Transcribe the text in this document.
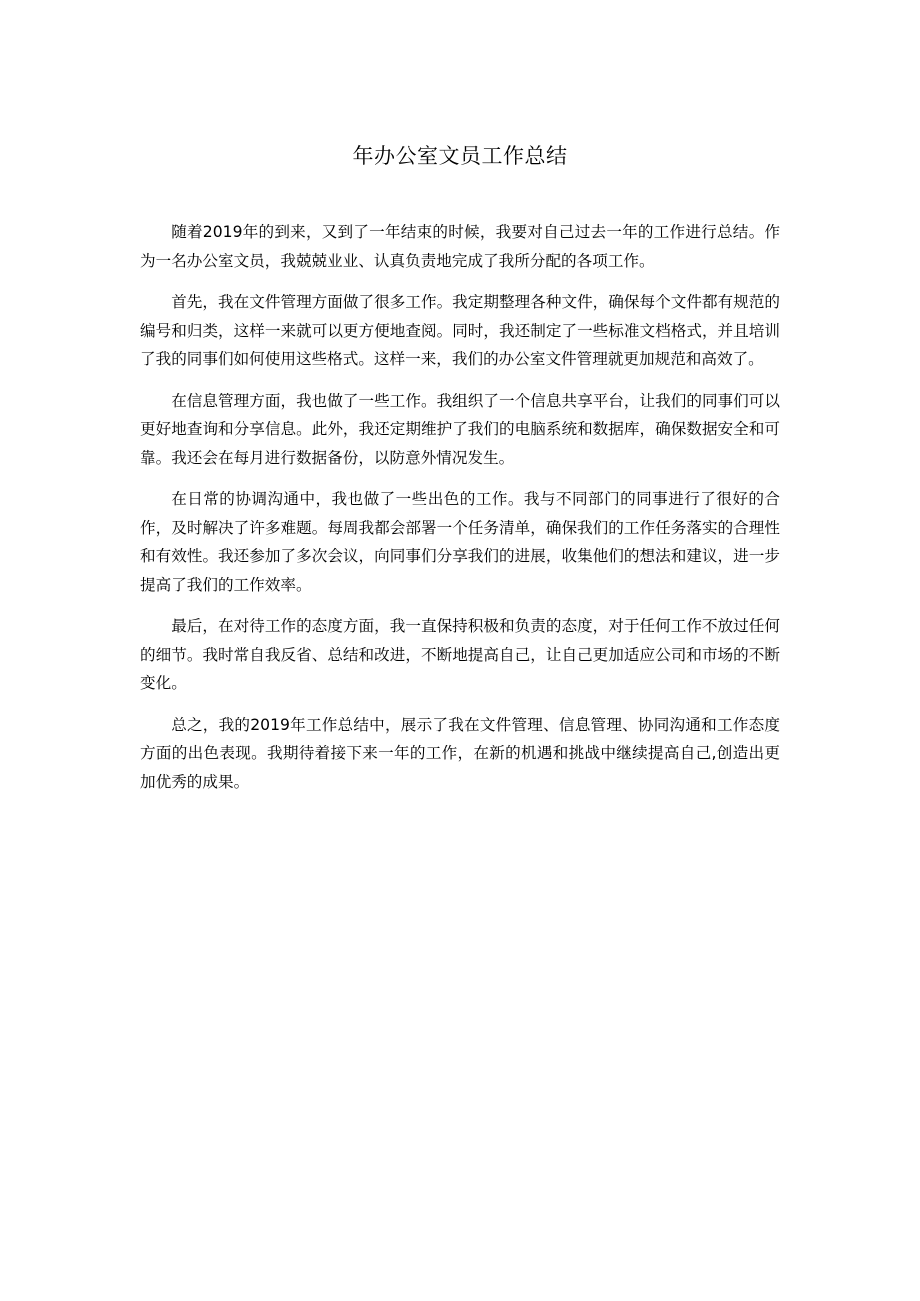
年办公室文员工作总结

随着2019年的到来，又到了一年结束的时候，我要对自己过去一年的工作进行总结。作为一名办公室文员，我兢兢业业、认真负责地完成了我所分配的各项工作。

首先，我在文件管理方面做了很多工作。我定期整理各种文件，确保每个文件都有规范的编号和归类，这样一来就可以更方便地查阅。同时，我还制定了一些标准文档格式，并且培训了我的同事们如何使用这些格式。这样一来，我们的办公室文件管理就更加规范和高效了。

在信息管理方面，我也做了一些工作。我组织了一个信息共享平台，让我们的同事们可以更好地查询和分享信息。此外，我还定期维护了我们的电脑系统和数据库，确保数据安全和可靠。我还会在每月进行数据备份，以防意外情况发生。

在日常的协调沟通中，我也做了一些出色的工作。我与不同部门的同事进行了很好的合作，及时解决了许多难题。每周我都会部署一个任务清单，确保我们的工作任务落实的合理性和有效性。我还参加了多次会议，向同事们分享我们的进展，收集他们的想法和建议，进一步提高了我们的工作效率。

最后，在对待工作的态度方面，我一直保持积极和负责的态度，对于任何工作不放过任何的细节。我时常自我反省、总结和改进，不断地提高自己，让自己更加适应公司和市场的不断变化。

总之，我的2019年工作总结中，展示了我在文件管理、信息管理、协同沟通和工作态度方面的出色表现。我期待着接下来一年的工作，在新的机遇和挑战中继续提高自己,创造出更加优秀的成果。
